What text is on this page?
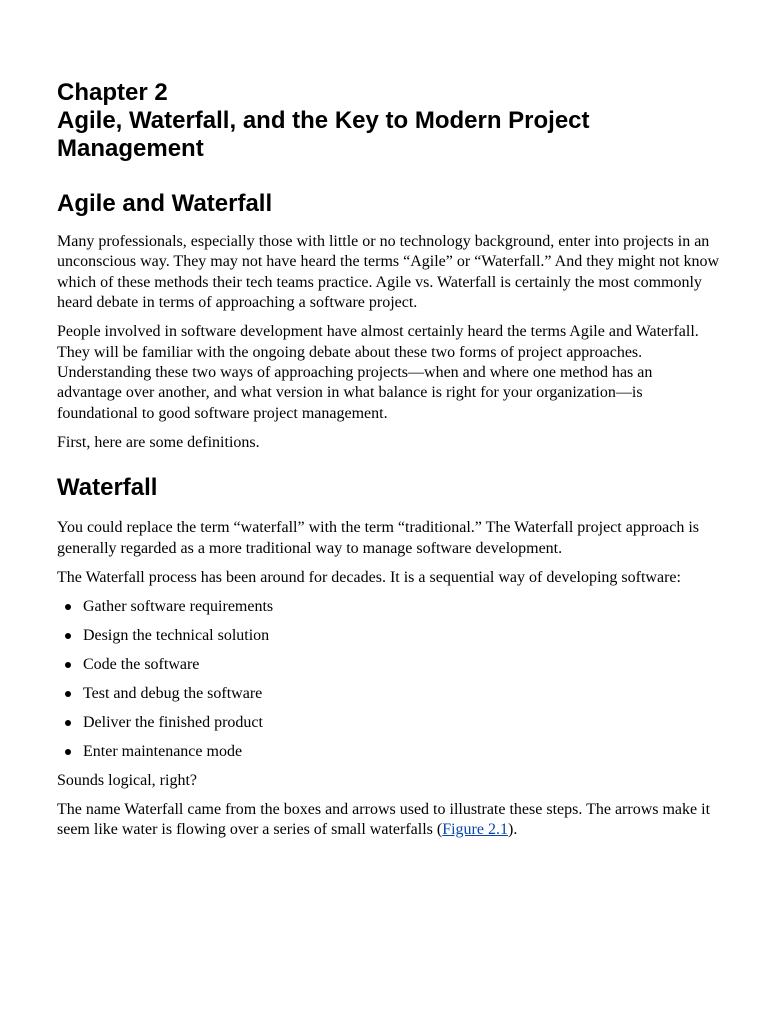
Chapter 2
Agile, Waterfall, and the Key to Modern Project
Management
Agile and Waterfall

Many professionals, especially those with little or no technology background, enter into projects in an unconscious way. They may not have heard the terms “Agile” or “Waterfall.” And they might not know which of these methods their tech teams practice. Agile vs. Waterfall is certainly the most commonly heard debate in terms of approaching a software project.

People involved in software development have almost certainly heard the terms Agile and Waterfall. They will be familiar with the ongoing debate about these two forms of project approaches. Understanding these two ways of approaching projects—when and where one method has an advantage over another, and what version in what balance is right for your organization—is foundational to good software project management.

First, here are some definitions.

Waterfall

You could replace the term “waterfall” with the term “traditional.” The Waterfall project approach is generally regarded as a more traditional way to manage software development.

The Waterfall process has been around for decades. It is a sequential way of developing software:

Gather software requirements
Design the technical solution
Code the software
Test and debug the software
Deliver the finished product
Enter maintenance mode

Sounds logical, right?

The name Waterfall came from the boxes and arrows used to illustrate these steps. The arrows make it seem like water is flowing over a series of small waterfalls (Figure 2.1).
